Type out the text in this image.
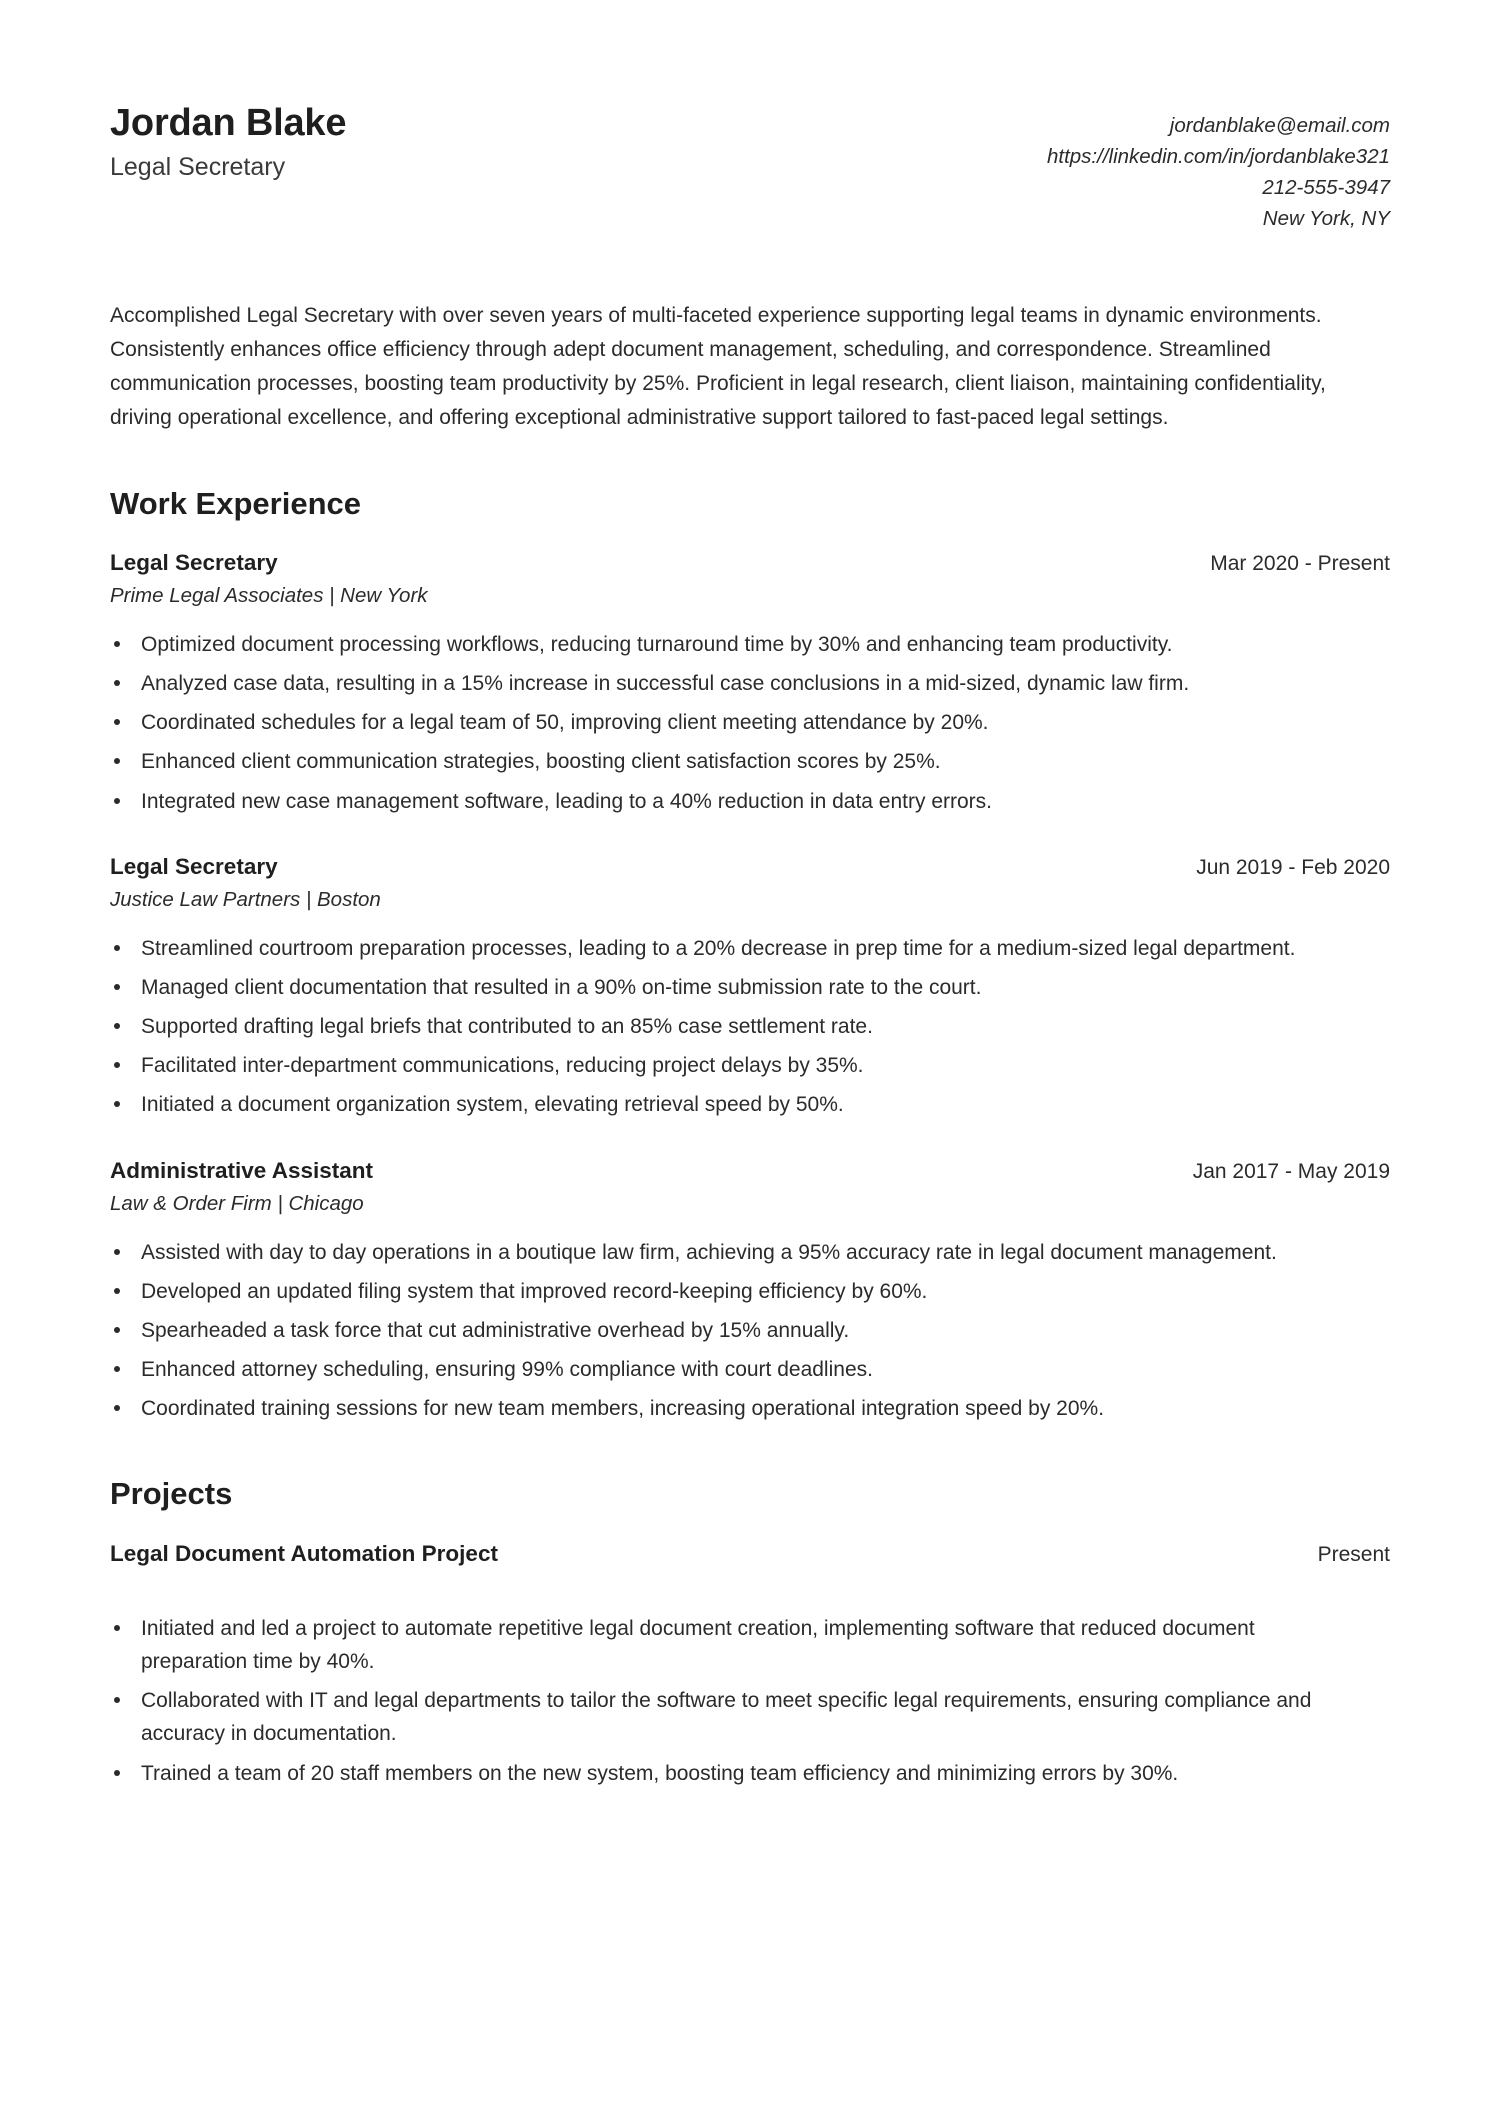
Jordan Blake
Legal Secretary
jordanblake@email.com
https://linkedin.com/in/jordanblake321
212-555-3947
New York, NY
Accomplished Legal Secretary with over seven years of multi-faceted experience supporting legal teams in dynamic environments. Consistently enhances office efficiency through adept document management, scheduling, and correspondence. Streamlined communication processes, boosting team productivity by 25%. Proficient in legal research, client liaison, maintaining confidentiality, driving operational excellence, and offering exceptional administrative support tailored to fast-paced legal settings.
Work Experience
Legal Secretary	Mar 2020 - Present
Prime Legal Associates | New York
Optimized document processing workflows, reducing turnaround time by 30% and enhancing team productivity.
Analyzed case data, resulting in a 15% increase in successful case conclusions in a mid-sized, dynamic law firm.
Coordinated schedules for a legal team of 50, improving client meeting attendance by 20%.
Enhanced client communication strategies, boosting client satisfaction scores by 25%.
Integrated new case management software, leading to a 40% reduction in data entry errors.
Legal Secretary	Jun 2019 - Feb 2020
Justice Law Partners | Boston
Streamlined courtroom preparation processes, leading to a 20% decrease in prep time for a medium-sized legal department.
Managed client documentation that resulted in a 90% on-time submission rate to the court.
Supported drafting legal briefs that contributed to an 85% case settlement rate.
Facilitated inter-department communications, reducing project delays by 35%.
Initiated a document organization system, elevating retrieval speed by 50%.
Administrative Assistant	Jan 2017 - May 2019
Law & Order Firm | Chicago
Assisted with day to day operations in a boutique law firm, achieving a 95% accuracy rate in legal document management.
Developed an updated filing system that improved record-keeping efficiency by 60%.
Spearheaded a task force that cut administrative overhead by 15% annually.
Enhanced attorney scheduling, ensuring 99% compliance with court deadlines.
Coordinated training sessions for new team members, increasing operational integration speed by 20%.
Projects
Legal Document Automation Project	Present
Initiated and led a project to automate repetitive legal document creation, implementing software that reduced document preparation time by 40%.
Collaborated with IT and legal departments to tailor the software to meet specific legal requirements, ensuring compliance and accuracy in documentation.
Trained a team of 20 staff members on the new system, boosting team efficiency and minimizing errors by 30%.
